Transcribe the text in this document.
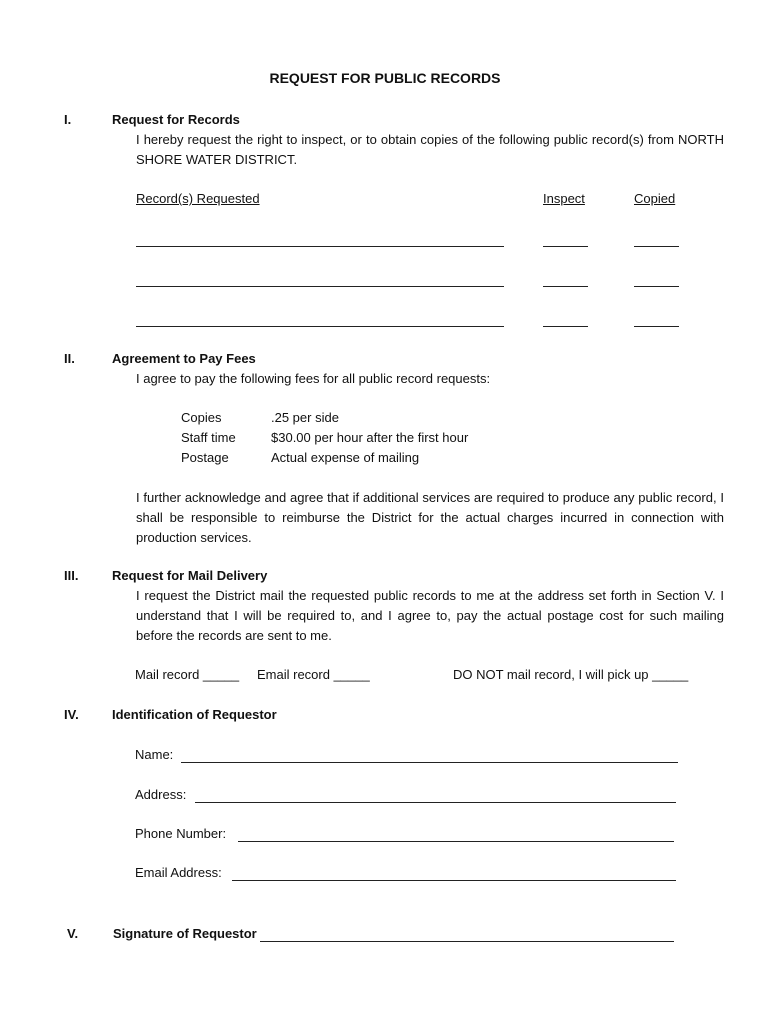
REQUEST FOR PUBLIC RECORDS
I.	Request for Records
I hereby request the right to inspect, or to obtain copies of the following public record(s) from NORTH SHORE WATER DISTRICT.
Record(s) Requested	Inspect	Copied
II.	Agreement to Pay Fees
I agree to pay the following fees for all public record requests:
Copies	.25 per side
Staff time	$30.00 per hour after the first hour
Postage	Actual expense of mailing
I further acknowledge and agree that if additional services are required to produce any public record, I shall be responsible to reimburse the District for the actual charges incurred in connection with production services.
III.	Request for Mail Delivery
I request the District mail the requested public records to me at the address set forth in Section V. I understand that I will be required to, and I agree to, pay the actual postage cost for such mailing before the records are sent to me.
Mail record _____ Email record _____	DO NOT mail record, I will pick up _____
IV.	Identification of Requestor
Name:
Address:
Phone Number:
Email Address:
V.	Signature of Requestor
